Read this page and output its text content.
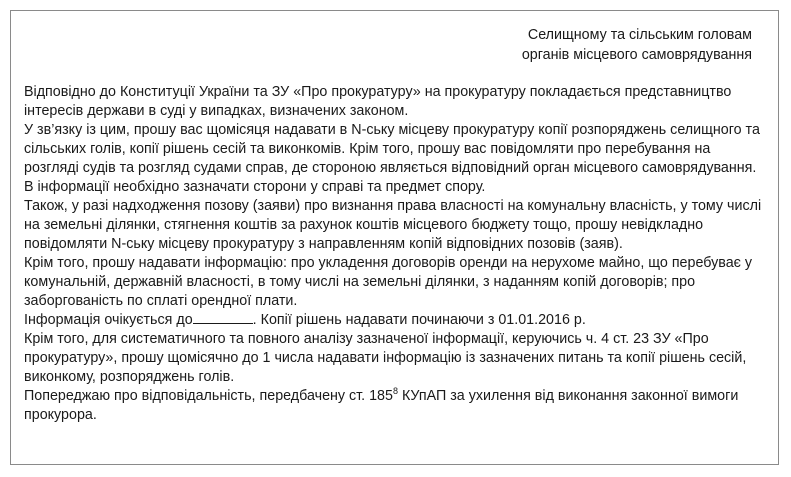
Селищному та сільським головам
органів місцевого самоврядування

Відповідно до Конституції України та ЗУ «Про прокуратуру» на прокуратуру покладається представництво інтересів держави в суді у випадках, визначених законом.

У зв’язку із цим, прошу вас щомісяця надавати в N-ську місцеву прокуратуру копії розпоряджень селищного та сільських голів, копії рішень сесій та виконкомів. Крім того, прошу вас повідомляти про перебування на розгляді судів та розгляд судами справ, де стороною являється відповідний орган місцевого самоврядування. В інформації необхідно зазначати сторони у справі та предмет спору.

Також, у разі надходження позову (заяви) про визнання права власності на комунальну власність, у тому числі на земельні ділянки, стягнення коштів за рахунок коштів місцевого бюджету тощо, прошу невідкладно повідомляти N-ську місцеву прокуратуру з направленням копій відповідних позовів (заяв).

Крім того, прошу надавати інформацію: про укладення договорів оренди на нерухоме майно, що перебуває у комунальній, державній власності, в тому числі на земельні ділянки, з наданням копій договорів; про заборгованість по сплаті орендної плати.

Інформація очікується до	. Копії рішень надавати починаючи з 01.01.2016 р.

Крім того, для систематичного та повного аналізу зазначеної інформації, керуючись ч. 4 ст. 23 ЗУ «Про прокуратуру», прошу щомісячно до 1 числа надавати інформацію із зазначених питань та копії рішень сесій, виконкому, розпоряджень голів.

Попереджаю про відповідальність, передбачену ст. $185^8$ КУпАП за ухилення від виконання законної вимоги прокурора.
